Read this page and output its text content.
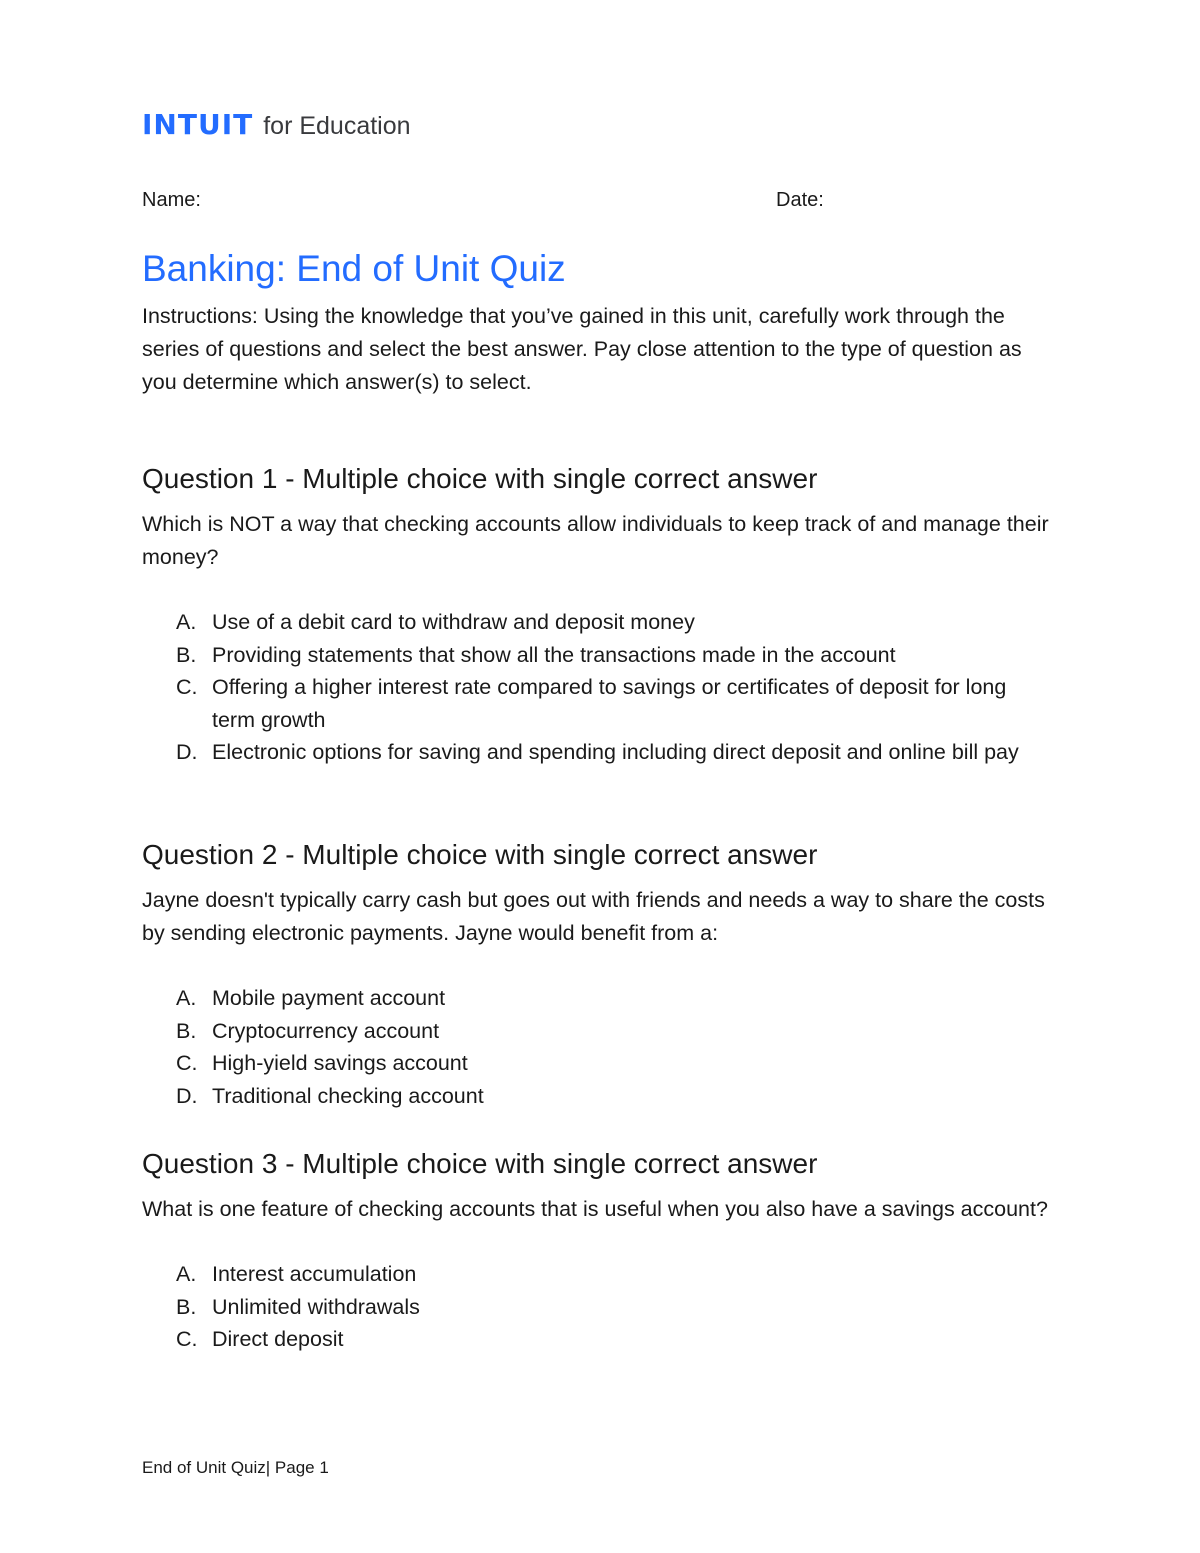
INTUIT for Education
Name:	Date:
Banking: End of Unit Quiz

Instructions: Using the knowledge that you’ve gained in this unit, carefully work through the series of questions and select the best answer. Pay close attention to the type of question as you determine which answer(s) to select.

Question 1 - Multiple choice with single correct answer

Which is NOT a way that checking accounts allow individuals to keep track of and manage their money?

A. Use of a debit card to withdraw and deposit money
B. Providing statements that show all the transactions made in the account
C. Offering a higher interest rate compared to savings or certificates of deposit for long term growth
D. Electronic options for saving and spending including direct deposit and online bill pay
Question 2 - Multiple choice with single correct answer

Jayne doesn't typically carry cash but goes out with friends and needs a way to share the costs by sending electronic payments. Jayne would benefit from a:

A. Mobile payment account
B. Cryptocurrency account
C. High-yield savings account
D. Traditional checking account
Question 3 - Multiple choice with single correct answer

What is one feature of checking accounts that is useful when you also have a savings account?

A. Interest accumulation
B. Unlimited withdrawals
C. Direct deposit
End of Unit Quiz| Page 1
